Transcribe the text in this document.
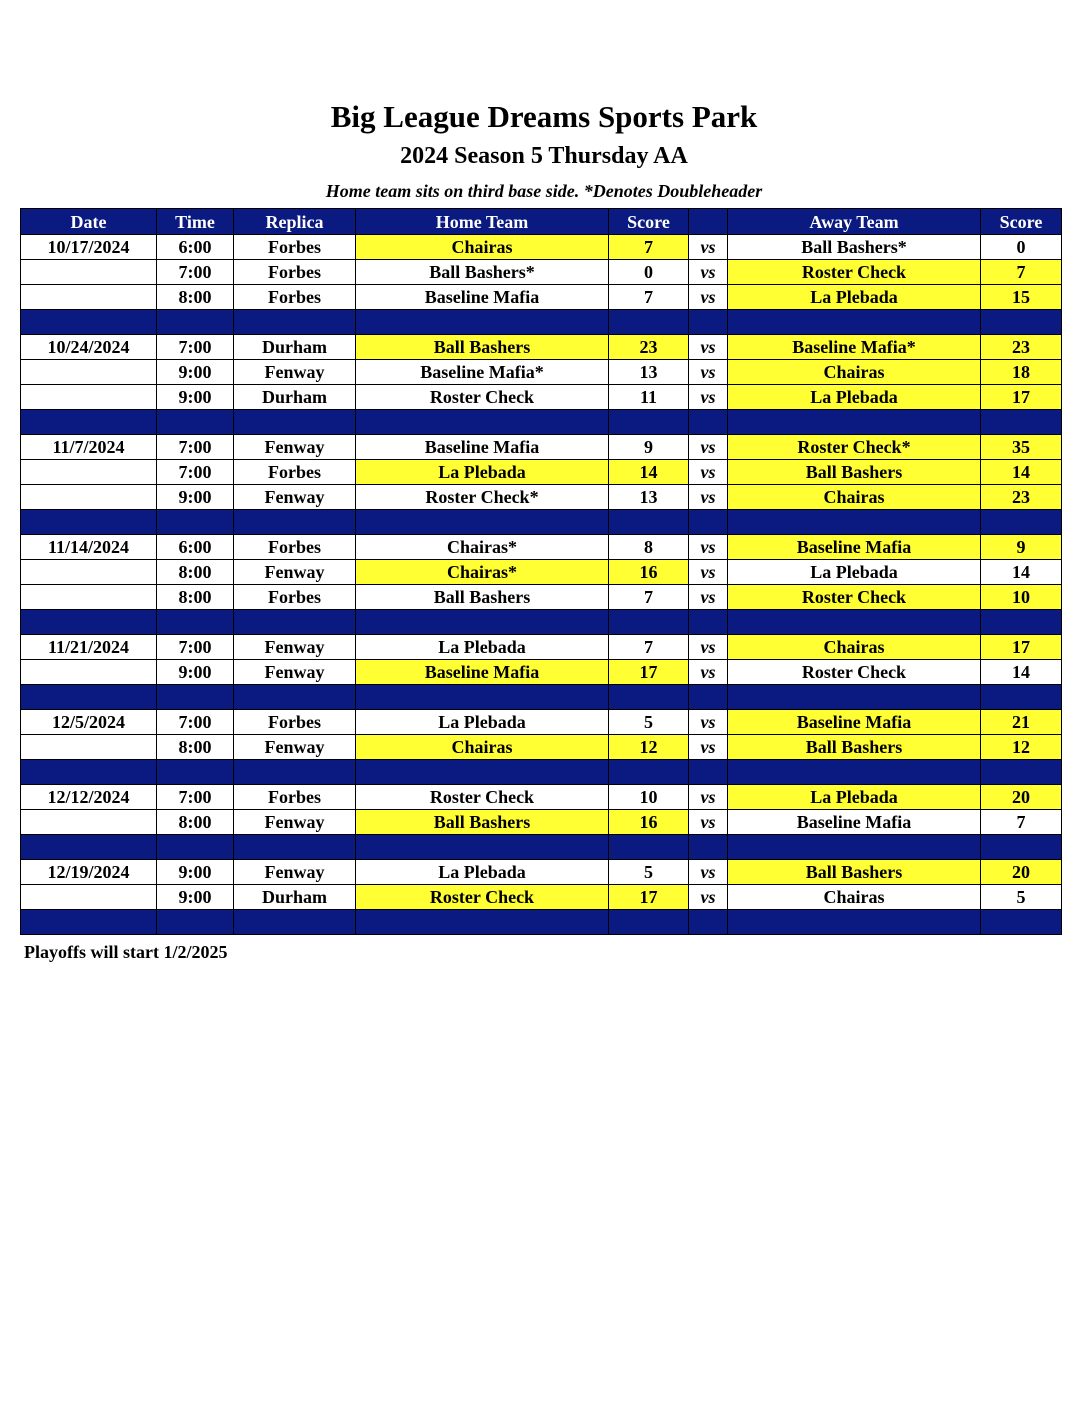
Big League Dreams Sports Park
2024 Season 5 Thursday AA
Home team sits on third base side. *Denotes Doubleheader
Date	Time	Replica	Home Team	Score		Away Team	Score
10/17/2024	6:00	Forbes	Chairas	7	vs	Ball Bashers*	0
	7:00	Forbes	Ball Bashers*	0	vs	Roster Check	7
	8:00	Forbes	Baseline Mafia	7	vs	La Plebada	15

10/24/2024	7:00	Durham	Ball Bashers	23	vs	Baseline Mafia*	23
	9:00	Fenway	Baseline Mafia*	13	vs	Chairas	18
	9:00	Durham	Roster Check	11	vs	La Plebada	17

11/7/2024	7:00	Fenway	Baseline Mafia	9	vs	Roster Check*	35
	7:00	Forbes	La Plebada	14	vs	Ball Bashers	14
	9:00	Fenway	Roster Check*	13	vs	Chairas	23

11/14/2024	6:00	Forbes	Chairas*	8	vs	Baseline Mafia	9
	8:00	Fenway	Chairas*	16	vs	La Plebada	14
	8:00	Forbes	Ball Bashers	7	vs	Roster Check	10

11/21/2024	7:00	Fenway	La Plebada	7	vs	Chairas	17
	9:00	Fenway	Baseline Mafia	17	vs	Roster Check	14

12/5/2024	7:00	Forbes	La Plebada	5	vs	Baseline Mafia	21
	8:00	Fenway	Chairas	12	vs	Ball Bashers	12

12/12/2024	7:00	Forbes	Roster Check	10	vs	La Plebada	20
	8:00	Fenway	Ball Bashers	16	vs	Baseline Mafia	7

12/19/2024	9:00	Fenway	La Plebada	5	vs	Ball Bashers	20
	9:00	Durham	Roster Check	17	vs	Chairas	5

Playoffs will start 1/2/2025
